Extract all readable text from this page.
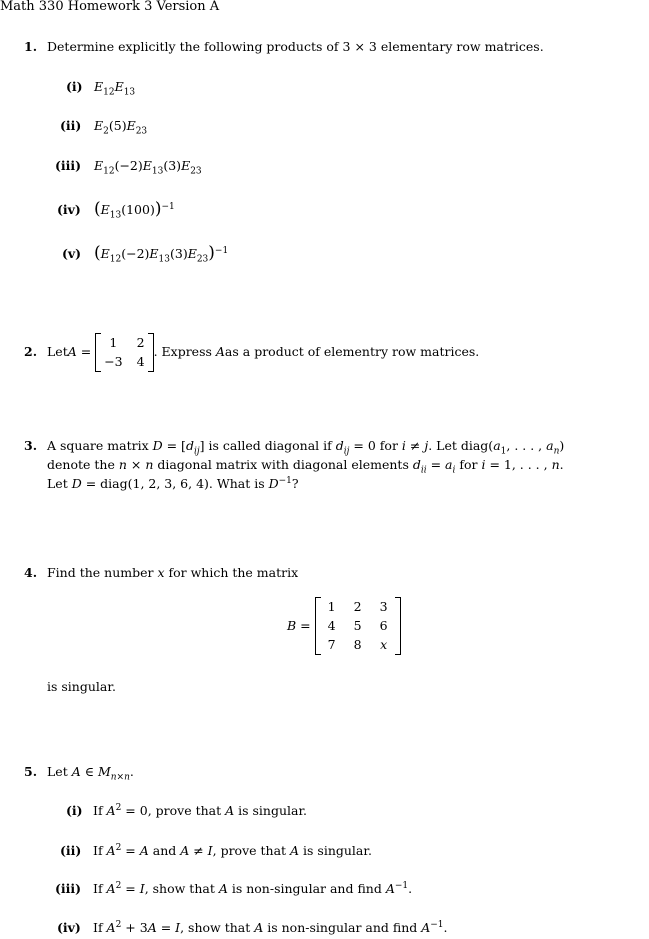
Math 330 Homework 3 Version A
1. Determine explicitly the following products of 3 × 3 elementary row matrices.
(i) $E_{12}E_{13}$
(ii) $E_2(5)E_{23}$
(iii) $E_{12}(-2)E_{13}(3)E_{23}$
(iv) $(E_{13}(100))^{-1}$
(v) $(E_{12}(-2)E_{13}(3)E_{23})^{-1}$
2. Let A =
1	2
−3 4
. Express A as a product of elementry row matrices.
3. A square matrix $D = [d_{ij}]$ is called diagonal if $d_{ij} = 0$ for i ≠ j. Let $diag(a_1$, . . . , $a_n$)
denote the n × n diagonal matrix with diagonal elements $d_{ii} = a_i$ for i = 1, . . . , n.
Let D = diag(1, 2, 3, 6, 4). What is $D^{-1}$?
4. Find the number x for which the matrix
B =
1	2	3
4	5	6
7	8	x
is singular.
5. Let A ∈ $M_{n\times n}$.
(i) If $A^2 = 0$, prove that A is singular.
(ii) If $A^2 = A$ and A ≠ I, prove that A is singular.
(iii) If $A^2 = I$, show that A is non-singular and find $A^{-1}$.
(iv) If $A^2 + 3A = I$, show that A is non-singular and find $A^{-1}$.
